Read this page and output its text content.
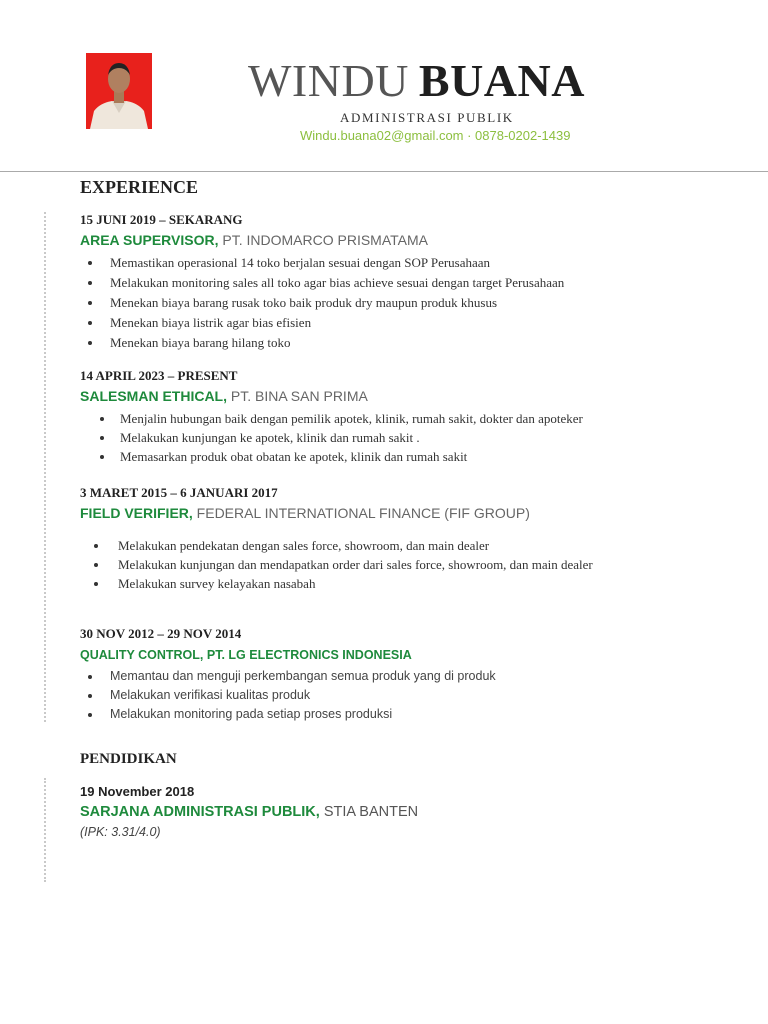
WINDU BUANA
ADMINISTRASI PUBLIK
Windu.buana02@gmail.com · 0878-0202-1439
EXPERIENCE
15 JUNI 2019 – SEKARANG
AREA SUPERVISOR, PT. INDOMARCO PRISMATAMA
Memastikan operasional 14 toko berjalan sesuai dengan SOP Perusahaan
Melakukan monitoring sales all toko agar bias achieve sesuai dengan target Perusahaan
Menekan biaya barang rusak toko baik produk dry maupun produk khusus
Menekan biaya listrik agar bias efisien
Menekan biaya barang hilang toko
14 APRIL 2023 – PRESENT
SALESMAN ETHICAL, PT. BINA SAN PRIMA
Menjalin hubungan baik dengan pemilik apotek, klinik, rumah sakit, dokter dan apoteker
Melakukan kunjungan ke apotek, klinik dan rumah sakit .
Memasarkan produk obat obatan ke apotek, klinik dan rumah sakit
3 MARET 2015 – 6 JANUARI 2017
FIELD VERIFIER, FEDERAL INTERNATIONAL FINANCE (FIF GROUP)
Melakukan pendekatan dengan sales force, showroom, dan main dealer
Melakukan kunjungan dan mendapatkan order dari sales force, showroom, dan main dealer
Melakukan survey kelayakan nasabah
30 NOV 2012 – 29 NOV 2014
QUALITY CONTROL, PT. LG ELECTRONICS INDONESIA
Memantau dan menguji perkembangan semua produk yang di produk
Melakukan verifikasi kualitas produk
Melakukan monitoring pada setiap proses produksi
PENDIDIKAN
19 November 2018
SARJANA ADMINISTRASI PUBLIK, STIA BANTEN
(IPK: 3.31/4.0)
